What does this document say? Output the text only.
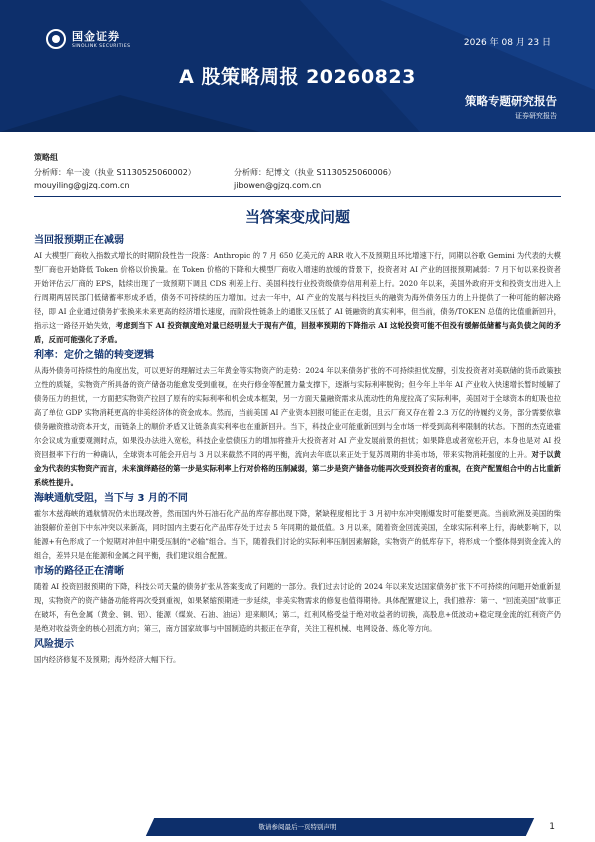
国金证券
SINOLINK SECURITIES	2026 年 08 月 23 日
A 股策略周报 20260823
策略专题研究报告
证券研究报告
策略组
分析师：牟一凌（执业 S1130525060002）	分析师：纪博文（执业 S1130525060006）
mouyiling@gjzq.com.cn	jibowen@gjzq.com.cn
当答案变成问题
当回报预期正在减弱

AI 大模型厂商收入指数式增长的时期阶段性告一段落：Anthropic 的 7 月 650 亿美元的 ARR 收入不及预期且环比增速下行，同期以谷歌 Gemini 为代表的大模型厂商也开始降低 Token 价格以价换量。在 Token 价格的下降和大模型厂商收入增速的放缓的背景下，投资者对 AI 产业的回报预期减弱：7 月下旬以来投资者开始评估云厂商的 EPS，陆续出现了一致预期下调且 CDS 利差上行、美国科技行业投资级债券信用利差上行。2020 年以来，美国外政府开支和投资支出进入上行周期两居民部门低储蓄率形成矛盾，债务不可持续的压力增加。过去一年中，AI 产业的发展与科技巨头的融资为海外债务压力的上升提供了一种可能的解决路径，即 AI 企业通过债务扩张换来未来更高的经济增长速度，而阶段性链条上的通胀又压低了 AI 链融资的真实利率，但当前，债务/TOKEN 总值的比值重新回升，指示这一路径开始失效，考虑到当下 AI 投资额度绝对量已经明显大于现有产值，回报率预期的下降指示 AI 这轮投资可能不但没有缓解低储蓄与高负债之间的矛盾，反而可能强化了矛盾。

利率：定价之锚的转变逻辑

从海外债务可持续性的角度出发，可以更好的理解过去三年黄金等实物资产的走势：2024 年以来债务扩张的不可持续担忧发酵，引发投资者对美联储的货币政策独立性的质疑，实物资产所具备的资产储备功能愈发受到重视，在央行修金等配置力量支撑下，逐渐与实际利率脱钩；但今年上半年 AI 产业收入快速增长暂时缓解了债务压力的担忧，一方面把实物资产拉回了原有的实际利率和机会成本框架，另一方面天量融资需求从流动性的角度拉高了实际利率，美国对于全球资本的虹吸也拉高了单位 GDP 实物消耗更高的非美经济体的资金成本。然而，当前美国 AI 产业资本回报可能正在走弱，且云厂商又存在着 2.3 万亿的待履约义务，部分需要依靠债务融资推动资本开支，而链条上的顺价矛盾又让链条真实利率也在重新回升。当下，科技企业可能重新回到与全市场一样受到高利率限制的状态。下图的杰克逊霍尔会议成为重要观测时点，如果没办法进入宽松，科技企业偿债压力的增加将推升大投资者对 AI 产业发展前景的担忧；如果降息或者宽松开启，本身也是对 AI 投资回报率下行的一种确认，全球资本可能会开启与 3 月以来截然不同的再平衡，流向去年底以来正处于复苏周期的非美市场，带来实物消耗强度的上升。对于以黄金为代表的实物资产而言，未来演绎路径的第一步是实际利率上行对价格的压制减弱，第二步是资产储备功能再次受到投资者的重视，在资产配置组合中的占比重新系统性提升。

海峡通航受阻，当下与 3 月的不同

霍尔木兹海峡的通航情况仍未出现改善，然而国内外石油石化产品的库存都出现下降，紧缺程度相比于 3 月初中东冲突刚爆发时可能要更高。当前欧洲及美国的柴油裂解价差创下中东冲突以来新高，同时国内主要石化产品库存处于过去 5 年同期的最低值。3 月以来，随着资金回流美国，全球实际利率上行，海峡影响下，以能源+有色形成了一个短期对冲但中期受压制的“必输”组合。当下，随着我们讨论的实际利率压制因素解除，实物资产的低库存下，将形成一个整体得到资金流入的组合，差异只是在能源和金属之间平衡，我们建议组合配置。

市场的路径正在清晰

随着 AI 投资回报预期的下降，科技公司天量的债务扩张从答案变成了问题的一部分。我们过去讨论的 2024 年以来发达国家债务扩张下不可持续的问题开始重新显现，实物资产的资产储备功能将再次受到重视，如果紧缩预期进一步延续，非美实物需求的修复也值得期待。具体配置建议上，我们推荐：第一、“回流美国”故事正在破坏，有色金属（黄金、铜、铝）、能源（煤炭、石油、油运）迎来顺风；第二，红利风格受益于绝对收益者的切换，高股息+低波动+稳定现金流的红利资产仍是绝对收益资金的核心回流方向；第三，南方国家故事与中国制造的共振正在孕育，关注工程机械、电网设备、炼化等方向。

风险提示

国内经济修复不及预期；海外经济大幅下行。

敬请参阅最后一页特别声明	1
